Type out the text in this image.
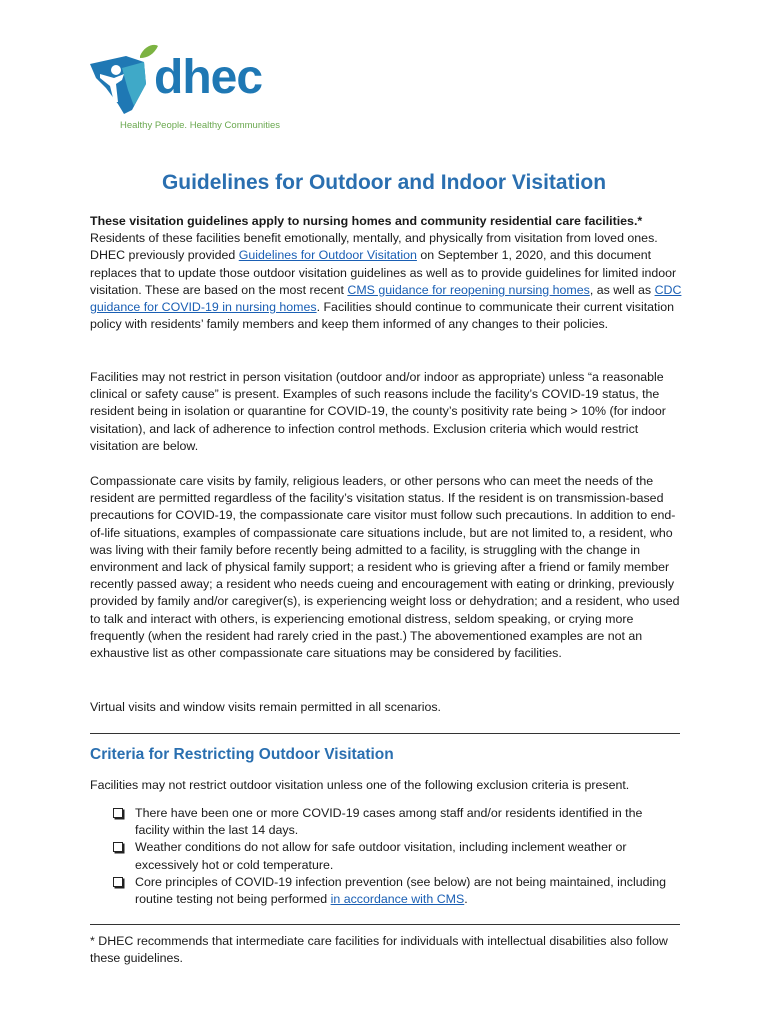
dhec
Healthy People. Healthy Communities
Guidelines for Outdoor and Indoor Visitation

These visitation guidelines apply to nursing homes and community residential care facilities.* Residents of these facilities benefit emotionally, mentally, and physically from visitation from loved ones. DHEC previously provided Guidelines for Outdoor Visitation on September 1, 2020, and this document replaces that to update those outdoor visitation guidelines as well as to provide guidelines for limited indoor visitation. These are based on the most recent CMS guidance for reopening nursing homes, as well as CDC guidance for COVID-19 in nursing homes. Facilities should continue to communicate their current visitation policy with residents’ family members and keep them informed of any changes to their policies.

Facilities may not restrict in person visitation (outdoor and/or indoor as appropriate) unless “a reasonable clinical or safety cause” is present. Examples of such reasons include the facility’s COVID-19 status, the resident being in isolation or quarantine for COVID-19, the county’s positivity rate being > 10% (for indoor visitation), and lack of adherence to infection control methods. Exclusion criteria which would restrict visitation are below.
Compassionate care visits by family, religious leaders, or other persons who can meet the needs of the resident are permitted regardless of the facility’s visitation status. If the resident is on transmission-based precautions for COVID-19, the compassionate care visitor must follow such precautions. In addition to end-of-life situations, examples of compassionate care situations include, but are not limited to, a resident, who was living with their family before recently being admitted to a facility, is struggling with the change in environment and lack of physical family support; a resident who is grieving after a friend or family member recently passed away; a resident who needs cueing and encouragement with eating or drinking, previously provided by family and/or caregiver(s), is experiencing weight loss or dehydration; and a resident, who used to talk and interact with others, is experiencing emotional distress, seldom speaking, or crying more frequently (when the resident had rarely cried in the past.) The abovementioned examples are not an exhaustive list as other compassionate care situations may be considered by facilities.
Virtual visits and window visits remain permitted in all scenarios.
Criteria for Restricting Outdoor Visitation
Facilities may not restrict outdoor visitation unless one of the following exclusion criteria is present.
There have been one or more COVID-19 cases among staff and/or residents identified in the facility within the last 14 days.
Weather conditions do not allow for safe outdoor visitation, including inclement weather or excessively hot or cold temperature.
Core principles of COVID-19 infection prevention (see below) are not being maintained, including routine testing not being performed in accordance with CMS.
* DHEC recommends that intermediate care facilities for individuals with intellectual disabilities also follow these guidelines.
